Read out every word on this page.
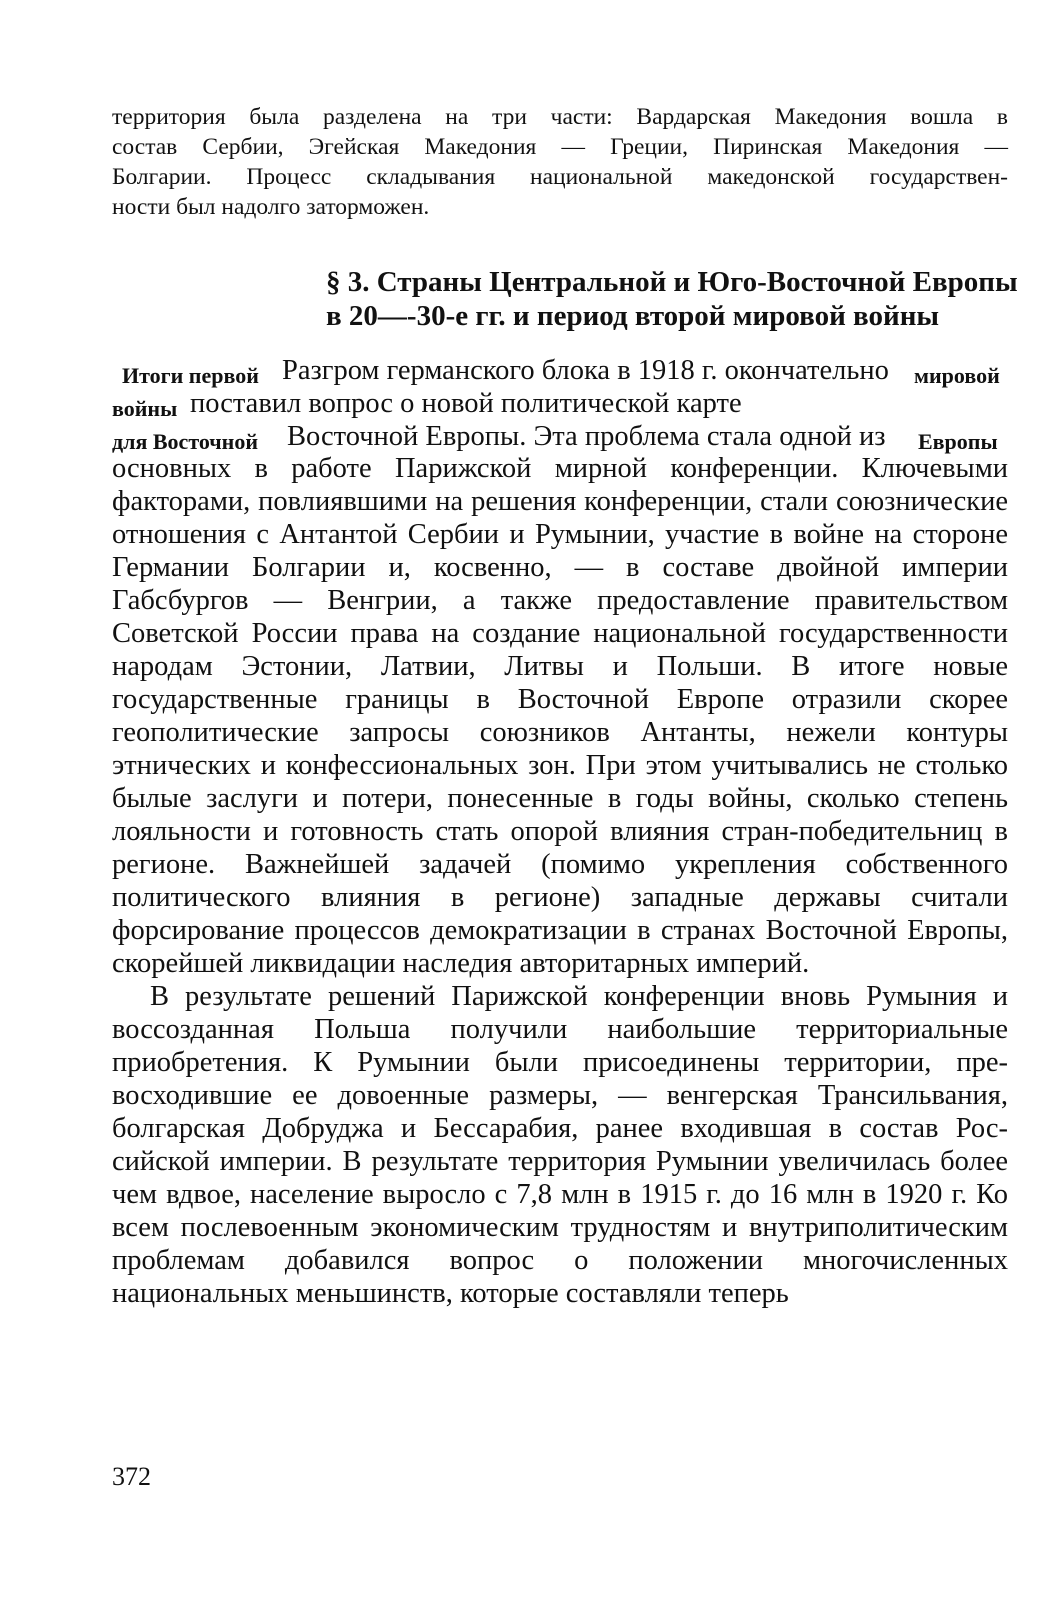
территория была разделена на три части: Вардарская Македония вошла в

состав Сербии, Эгейская Македония — Греции, Пиринская Македония —

Болгарии. Процесс складывания национальной македонской государствен-

ности был надолго заторможен.

§ 3. Страны Центральной и Юго-Восточной Европы

в 20—-30-е гг. и период второй мировой войны

Итоги первой Разгром германского блока в 1918 г. окончательно мировой
войны поставил вопрос о новой политической карте
для Восточной Восточной Европы. Эта проблема стала одной из Европы

основных в работе Парижской мирной конференции. Ключевыми

факторами, повлиявшими на решения конференции, стали союзнические

отношения с Антантой Сербии и Румынии, участие в войне на стороне

Германии Болгарии и, косвенно, — в составе двойной империи

Габсбургов — Венгрии, а также предоставление правительством

Советской России права на создание национальной государственности

народам Эстонии, Латвии, Литвы и Польши. В итоге новые

государственные границы в Восточной Европе отразили скорее

геополитические запросы союзников Антанты, нежели контуры

этнических и конфессиональных зон. При этом учитывались не столько

былые заслуги и потери, понесенные в годы войны, сколько степень

лояльности и готовность стать опорой влияния стран-победительниц в

регионе. Важнейшей задачей (помимо укрепления собственного

политического влияния в регионе) западные державы считали

форсирование процессов демократизации в странах Восточной Европы,

скорейшей ликвидации наследия авторитарных империй.

В результате решений Парижской конференции вновь Румыния и

воссозданная Польша получили наибольшие территориальные

приобретения. К Румынии были присоединены территории, пре-

восходившие ее довоенные размеры, — венгерская Трансильвания,

болгарская Добруджа и Бессарабия, ранее входившая в состав Рос-

сийской империи. В результате территория Румынии увеличилась более

чем вдвое, население выросло с 7,8 млн в 1915 г. до 16 млн в 1920 г. Ко

всем послевоенным экономическим трудностям и внутриполитическим

проблемам добавился вопрос о положении многочисленных

национальных меньшинств, которые составляли теперь

372
